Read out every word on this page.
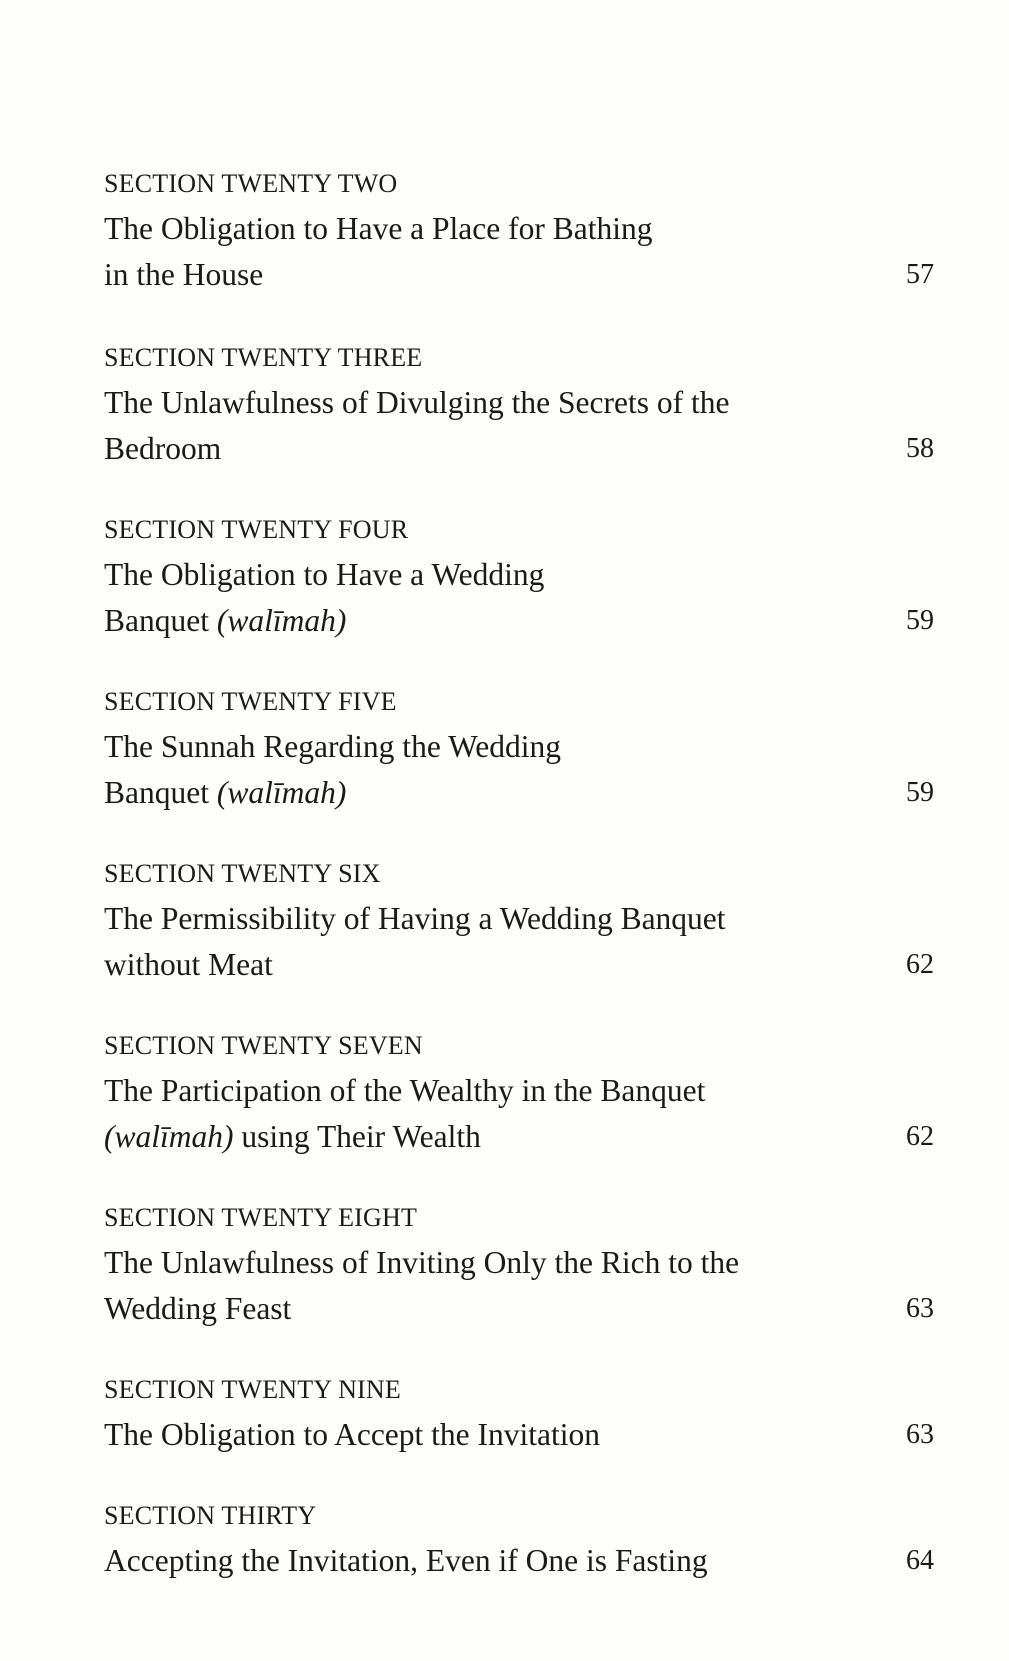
SECTION TWENTY TWO
The Obligation to Have a Place for Bathing
in the House	57
SECTION TWENTY THREE
The Unlawfulness of Divulging the Secrets of the
Bedroom	58
SECTION TWENTY FOUR
The Obligation to Have a Wedding
Banquet (walīmah)	59
SECTION TWENTY FIVE
The Sunnah Regarding the Wedding
Banquet (walīmah)	59
SECTION TWENTY SIX
The Permissibility of Having a Wedding Banquet
without Meat	62
SECTION TWENTY SEVEN
The Participation of the Wealthy in the Banquet
(walīmah) using Their Wealth	62
SECTION TWENTY EIGHT
The Unlawfulness of Inviting Only the Rich to the
Wedding Feast	63
SECTION TWENTY NINE
The Obligation to Accept the Invitation	63
SECTION THIRTY
Accepting the Invitation, Even if One is Fasting	64
